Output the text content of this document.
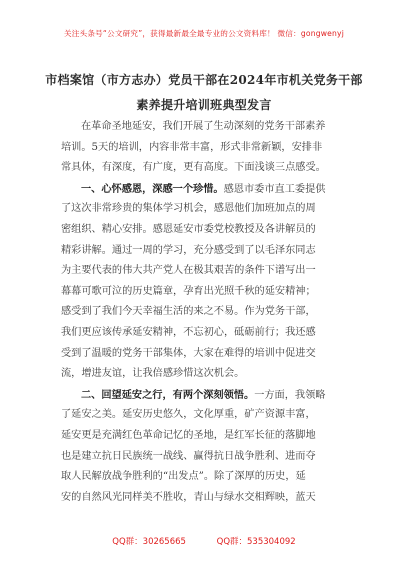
关注头条号“公文研究”，获得最新最全最专业的公文资料库！ 微信：gongwenyj
市档案馆（市方志办）党员干部在2024年市机关党务干部
素养提升培训班典型发言
在革命圣地延安，我们开展了生动深刻的党务干部素养
培训。5天的培训，内容非常丰富，形式非常新颖，安排非
常具体，有深度，有广度，更有高度。下面浅谈三点感受。
一、心怀感恩，深感一个珍惜。感恩市委市直工委提供
了这次非常珍贵的集体学习机会，感恩他们加班加点的周
密组织、精心安排。感恩延安市委党校教授及各讲解员的
精彩讲解。通过一周的学习，充分感受到了以毛泽东同志
为主要代表的伟大共产党人在极其艰苦的条件下谱写出一
幕幕可歌可泣的历史篇章，孕育出光照千秋的延安精神；
感受到了我们今天幸福生活的来之不易。作为党务干部，
我们更应该传承延安精神，不忘初心，砥砺前行；我还感
受到了温暖的党务干部集体，大家在难得的培训中促进交
流，增进友谊，让我倍感珍惜这次机会。
二、回望延安之行，有两个深刻领悟。一方面，我领略
了延安之美。延安历史悠久，文化厚重，矿产资源丰富，
延安更是充满红色革命记忆的圣地，是红军长征的落脚地
也是建立抗日民族统一战线、赢得抗日战争胜利、进而夺
取人民解放战争胜利的“出发点”。除了深厚的历史，延
安的自然风光同样美不胜收，青山与绿水交相辉映，蓝天
QQ群：30265665	QQ群：535304092
